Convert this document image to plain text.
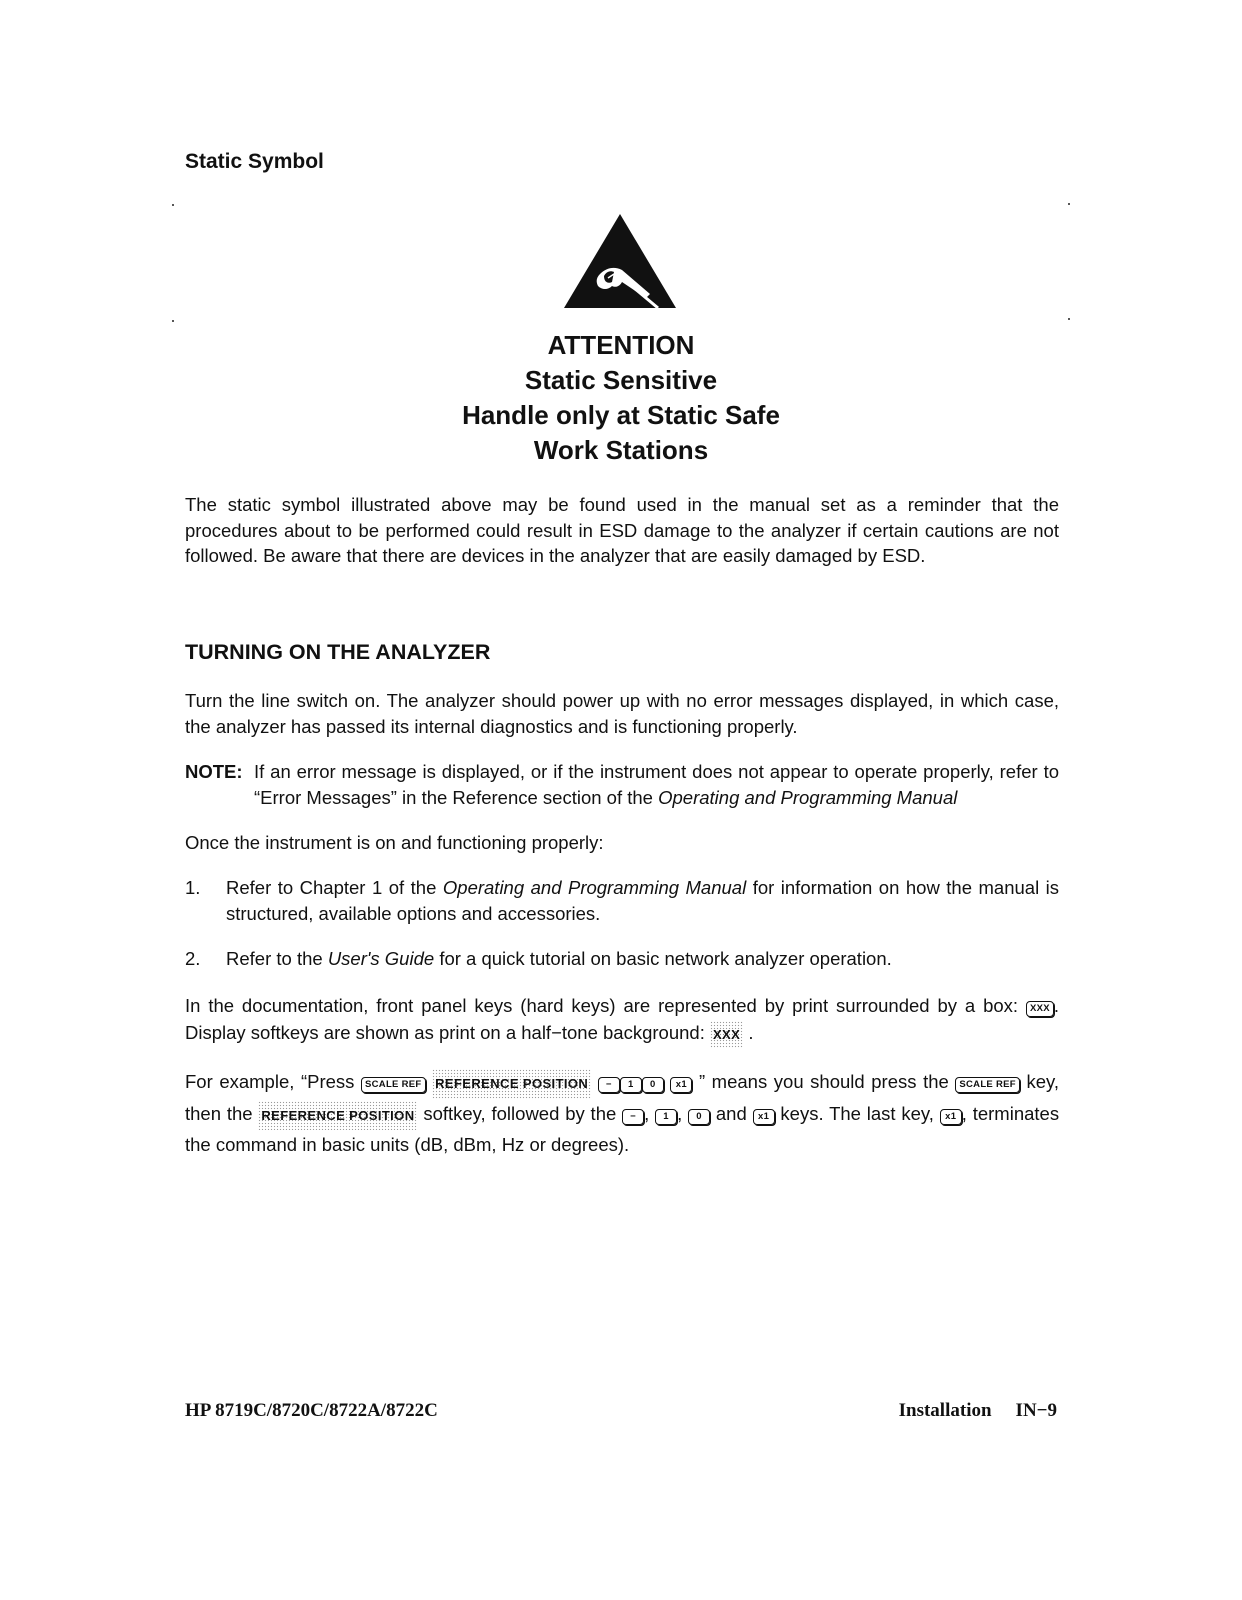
Static Symbol
ATTENTION
Static Sensitive
Handle only at Static Safe
Work Stations

The static symbol illustrated above may be found used in the manual set as a reminder that the procedures about to be performed could result in ESD damage to the analyzer if certain cautions are not followed. Be aware that there are devices in the analyzer that are easily damaged by ESD.

TURNING ON THE ANALYZER

Turn the line switch on. The analyzer should power up with no error messages displayed, in which case, the analyzer has passed its internal diagnostics and is functioning properly.

NOTE: If an error message is displayed, or if the instrument does not appear to operate properly, refer to “Error Messages” in the Reference section of the Operating and Programming Manual

Once the instrument is on and functioning properly:

1. Refer to Chapter 1 of the Operating and Programming Manual for information on how the manual is structured, available options and accessories.
2. Refer to the User's Guide for a quick tutorial on basic network analyzer operation.

In the documentation, front panel keys (hard keys) are represented by print surrounded by a box: XXX . Display softkeys are shown as print on a half−tone background: XXX .

For example, “Press SCALE REF REFERENCE POSITION − 1 0 x1 ” means you should press the SCALE REF key, then the REFERENCE POSITION softkey, followed by the − , 1 , 0 and x1 keys. The last key, x1 , terminates the command in basic units (dB, dBm, Hz or degrees).

HP 8719C/8720C/8722A/8722C	Installation IN−9
